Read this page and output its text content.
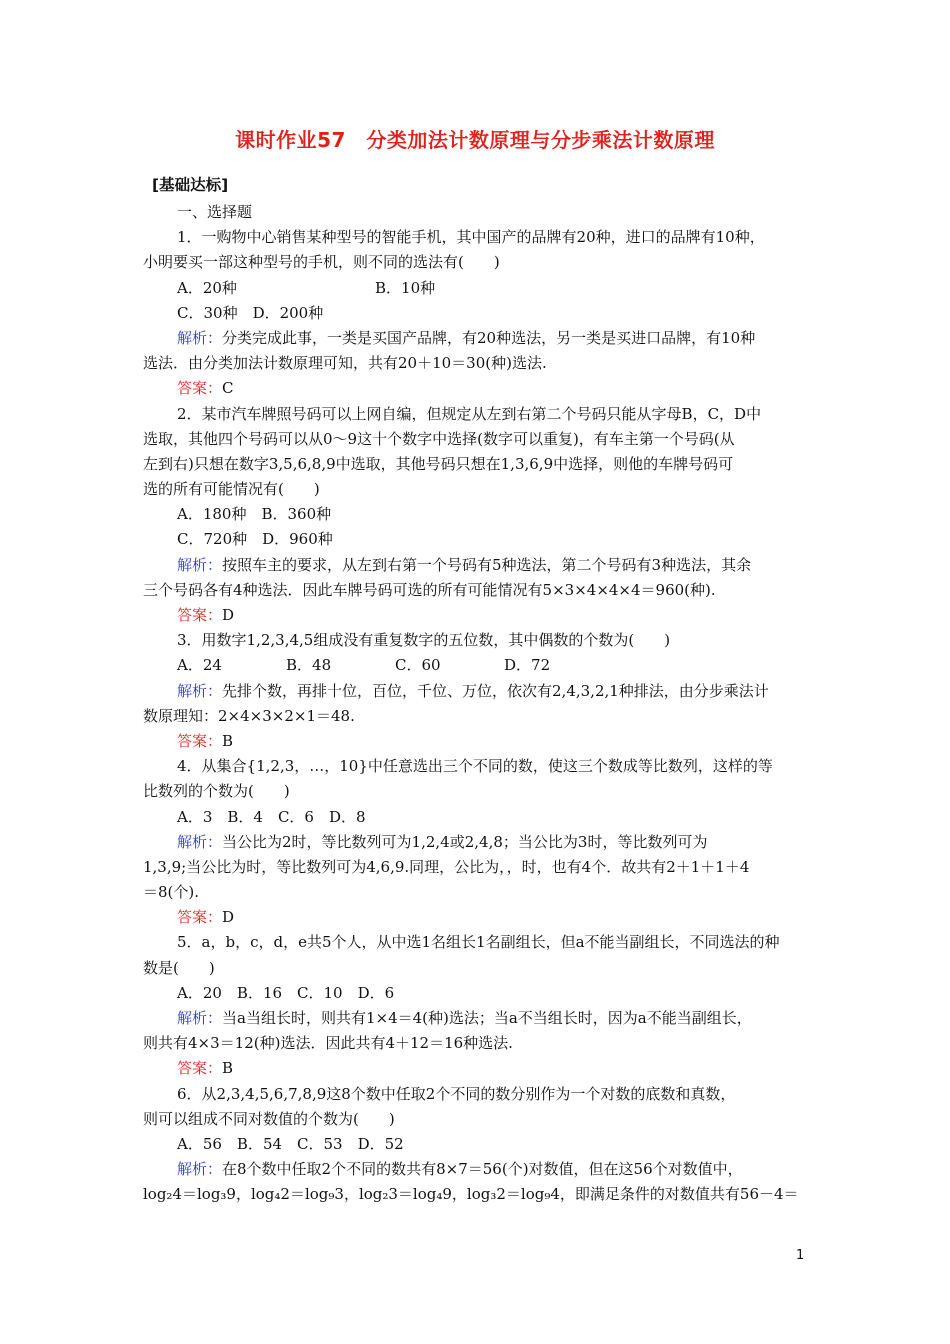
课时作业57　分类加法计数原理与分步乘法计数原理
[基础达标]
一、选择题
1．一购物中心销售某种型号的智能手机，其中国产的品牌有20种，进口的品牌有10种，
小明要买一部这种型号的手机，则不同的选法有(　　)
A．20种	B．10种
C．30种　D．200种
解析：分类完成此事，一类是买国产品牌，有20种选法，另一类是买进口品牌，有10种
选法．由分类加法计数原理可知，共有20＋10＝30(种)选法.
答案：C
2．某市汽车牌照号码可以上网自编，但规定从左到右第二个号码只能从字母B，C，D中
选取，其他四个号码可以从0～9这十个数字中选择(数字可以重复)，有车主第一个号码(从
左到右)只想在数字3,5,6,8,9中选取，其他号码只想在1,3,6,9中选择，则他的车牌号码可
选的所有可能情况有(　　)
A．180种　B．360种
C．720种　D．960种
解析：按照车主的要求，从左到右第一个号码有5种选法，第二个号码有3种选法，其余
三个号码各有4种选法．因此车牌号码可选的所有可能情况有5×3×4×4×4＝960(种).
答案：D
3．用数字1,2,3,4,5组成没有重复数字的五位数，其中偶数的个数为(　　)
A．24	B．48	C．60	D．72
解析：先排个数，再排十位，百位，千位、万位，依次有2,4,3,2,1种排法，由分步乘法计
数原理知：2×4×3×2×1＝48.
答案：B
4．从集合{1,2,3，…，10}中任意选出三个不同的数，使这三个数成等比数列，这样的等
比数列的个数为(　　)
A．3　B．4　C．6　D．8
解析：当公比为2时，等比数列可为1,2,4或2,4,8；当公比为3时，等比数列可为
1,3,9;当公比为时，等比数列可为4,6,9.同理，公比为，，时，也有4个．故共有2＋1＋1＋4
＝8(个).
答案：D
5．a，b，c，d，e共5个人，从中选1名组长1名副组长，但a不能当副组长，不同选法的种
数是(　　)
A．20　B．16　C．10　D．6
解析：当a当组长时，则共有1×4＝4(种)选法；当a不当组长时，因为a不能当副组长，
则共有4×3＝12(种)选法．因此共有4＋12＝16种选法.
答案：B
6．从2,3,4,5,6,7,8,9这8个数中任取2个不同的数分别作为一个对数的底数和真数，
则可以组成不同对数值的个数为(　　)
A．56　B．54　C．53　D．52
解析：在8个数中任取2个不同的数共有8×7＝56(个)对数值，但在这56个对数值中，
log₂4＝log₃9，log₄2＝log₉3，log₂3＝log₄9，log₃2＝log₉4，即满足条件的对数值共有56－4＝
1
